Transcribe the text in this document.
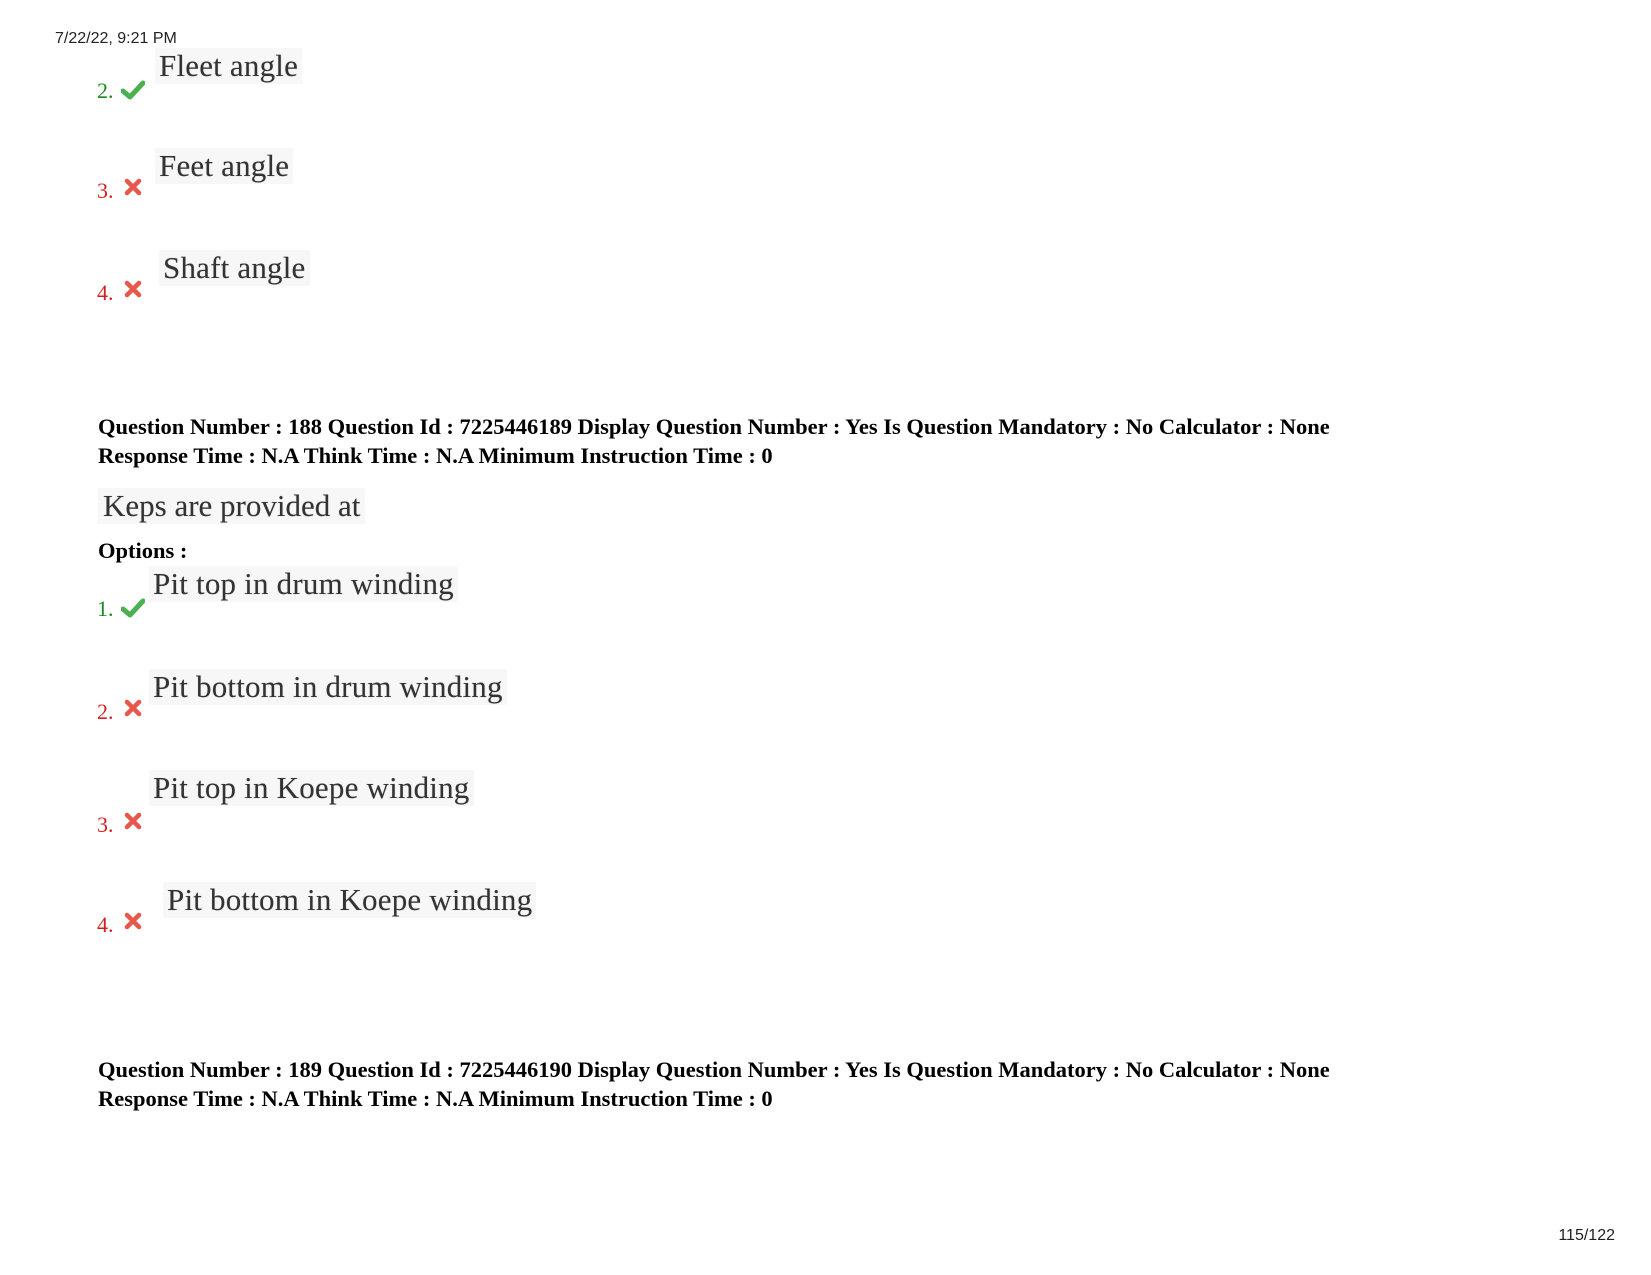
7/22/22, 9:21 PM
2.
Fleet angle
3.
Feet angle
4.
Shaft angle
Question Number : 188 Question Id : 7225446189 Display Question Number : Yes Is Question Mandatory : No Calculator : None
Response Time : N.A Think Time : N.A Minimum Instruction Time : 0
Keps are provided at
Options :
1.
Pit top in drum winding
2.
Pit bottom in drum winding
3.
Pit top in Koepe winding
4.
Pit bottom in Koepe winding
Question Number : 189 Question Id : 7225446190 Display Question Number : Yes Is Question Mandatory : No Calculator : None
Response Time : N.A Think Time : N.A Minimum Instruction Time : 0
115/122
